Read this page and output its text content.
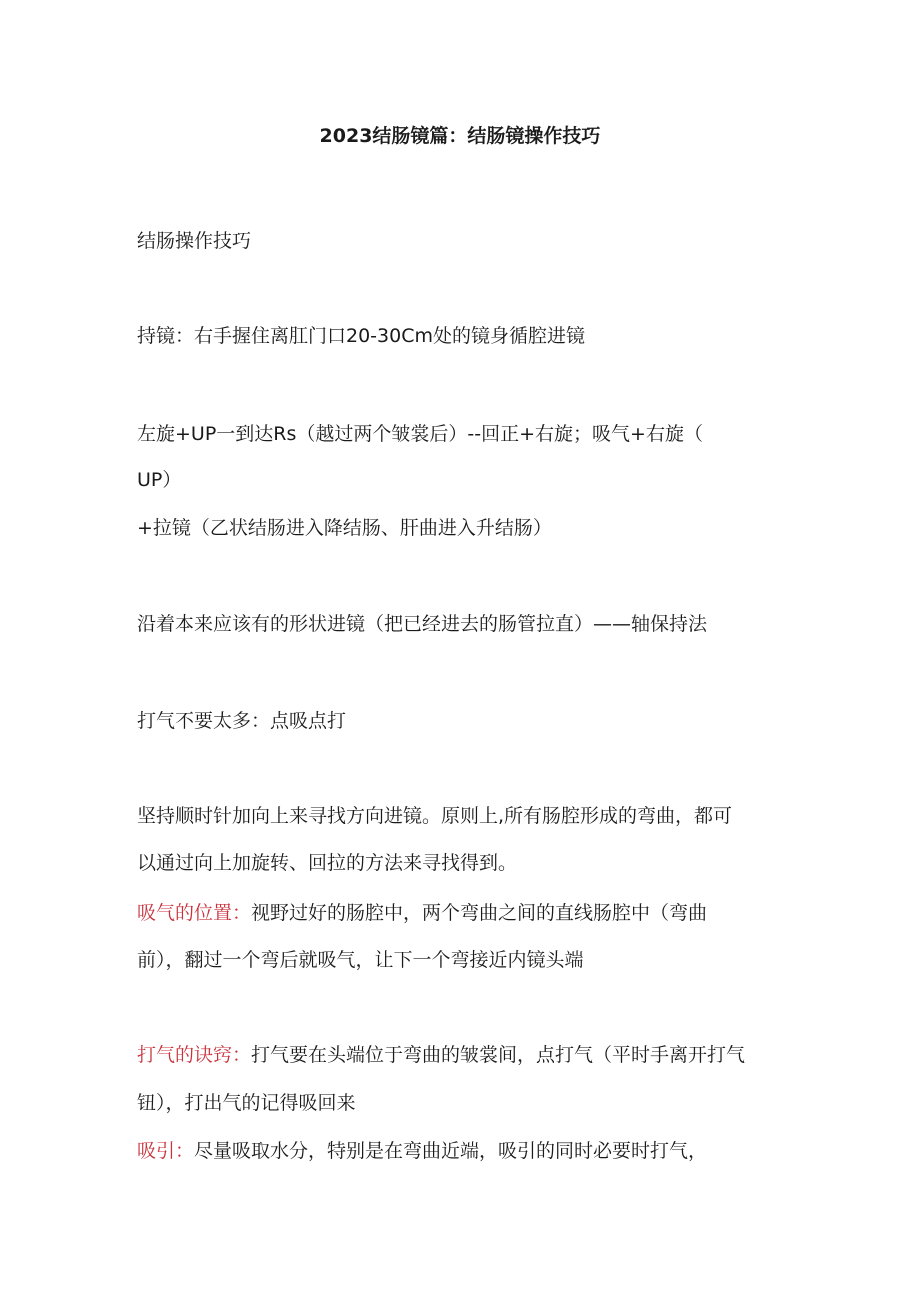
2023结肠镜篇：结肠镜操作技巧
结肠操作技巧
持镜：右手握住离肛门口20-30Cm处的镜身循腔进镜
左旋+UP一到达Rs（越过两个皱裳后）--回正+右旋；吸气+右旋（
UP）
+拉镜（乙状结肠进入降结肠、肝曲进入升结肠）
沿着本来应该有的形状进镜（把已经进去的肠管拉直）——轴保持法
打气不要太多：点吸点打
坚持顺时针加向上来寻找方向进镜。原则上,所有肠腔形成的弯曲，都可
以通过向上加旋转、回拉的方法来寻找得到。
吸气的位置：视野过好的肠腔中，两个弯曲之间的直线肠腔中（弯曲
前），翻过一个弯后就吸气，让下一个弯接近内镜头端
打气的诀窍：打气要在头端位于弯曲的皱裳间，点打气（平时手离开打气
钮），打出气的记得吸回来
吸引：尽量吸取水分，特别是在弯曲近端，吸引的同时必要时打气，
